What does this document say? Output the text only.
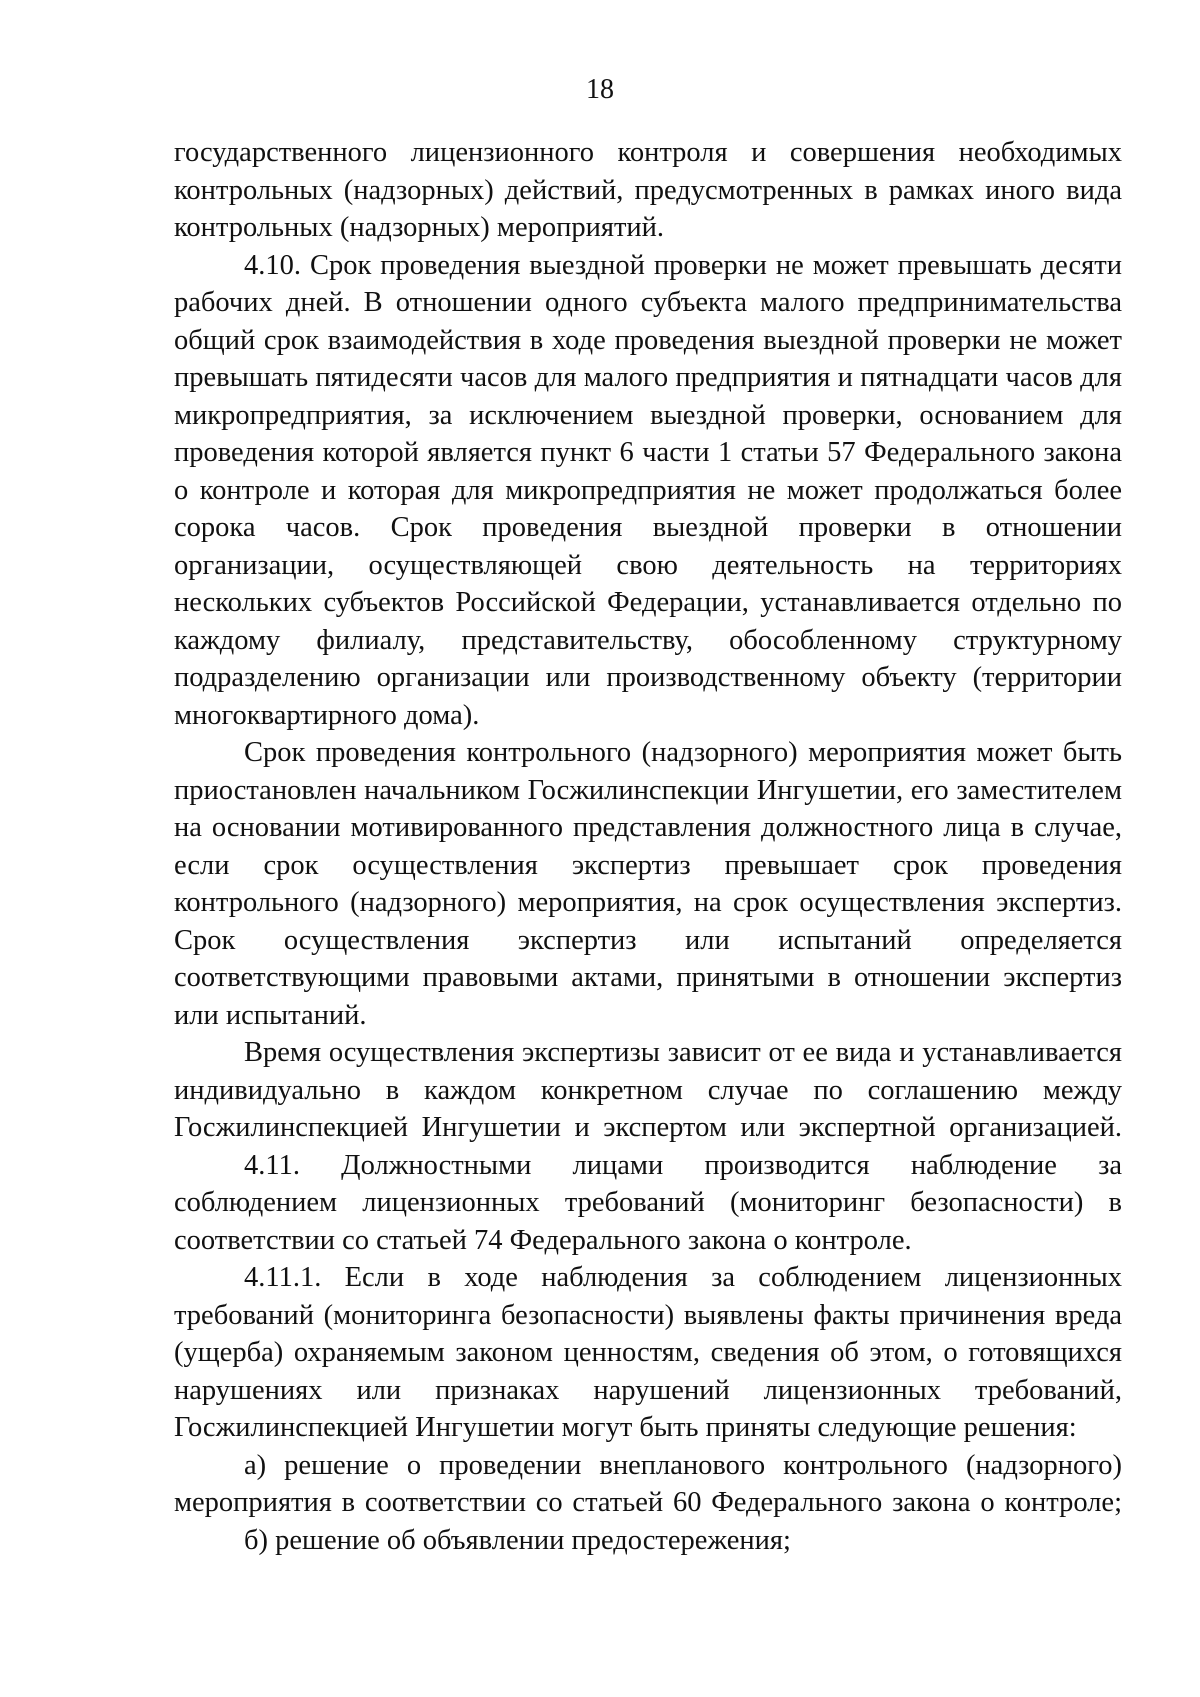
18
государственного лицензионного контроля и совершения необходимых
контрольных (надзорных) действий, предусмотренных в рамках иного вида
контрольных (надзорных) мероприятий.
4.10. Срок проведения выездной проверки не может превышать десяти
рабочих дней. В отношении одного субъекта малого предпринимательства
общий срок взаимодействия в ходе проведения выездной проверки не может
превышать пятидесяти часов для малого предприятия и пятнадцати часов для
микропредприятия, за исключением выездной проверки, основанием для
проведения которой является пункт 6 части 1 статьи 57 Федерального закона
о контроле и которая для микропредприятия не может продолжаться более
сорока часов. Срок проведения выездной проверки в отношении
организации, осуществляющей свою деятельность на территориях
нескольких субъектов Российской Федерации, устанавливается отдельно по
каждому филиалу, представительству, обособленному структурному
подразделению организации или производственному объекту (территории
многоквартирного дома).
Срок проведения контрольного (надзорного) мероприятия может быть
приостановлен начальником Госжилинспекции Ингушетии, его заместителем
на основании мотивированного представления должностного лица в случае,
если срок осуществления экспертиз превышает срок проведения
контрольного (надзорного) мероприятия, на срок осуществления экспертиз.
Срок осуществления экспертиз или испытаний определяется
соответствующими правовыми актами, принятыми в отношении экспертиз
или испытаний.
Время осуществления экспертизы зависит от ее вида и устанавливается
индивидуально в каждом конкретном случае по соглашению между
Госжилинспекцией Ингушетии и экспертом или экспертной организацией.
4.11. Должностными лицами производится наблюдение за
соблюдением лицензионных требований (мониторинг безопасности) в
соответствии со статьей 74 Федерального закона о контроле.
4.11.1. Если в ходе наблюдения за соблюдением лицензионных
требований (мониторинга безопасности) выявлены факты причинения вреда
(ущерба) охраняемым законом ценностям, сведения об этом, о готовящихся
нарушениях или признаках нарушений лицензионных требований,
Госжилинспекцией Ингушетии могут быть приняты следующие решения:
а) решение о проведении внепланового контрольного (надзорного)
мероприятия в соответствии со статьей 60 Федерального закона о контроле;
б) решение об объявлении предостережения;
